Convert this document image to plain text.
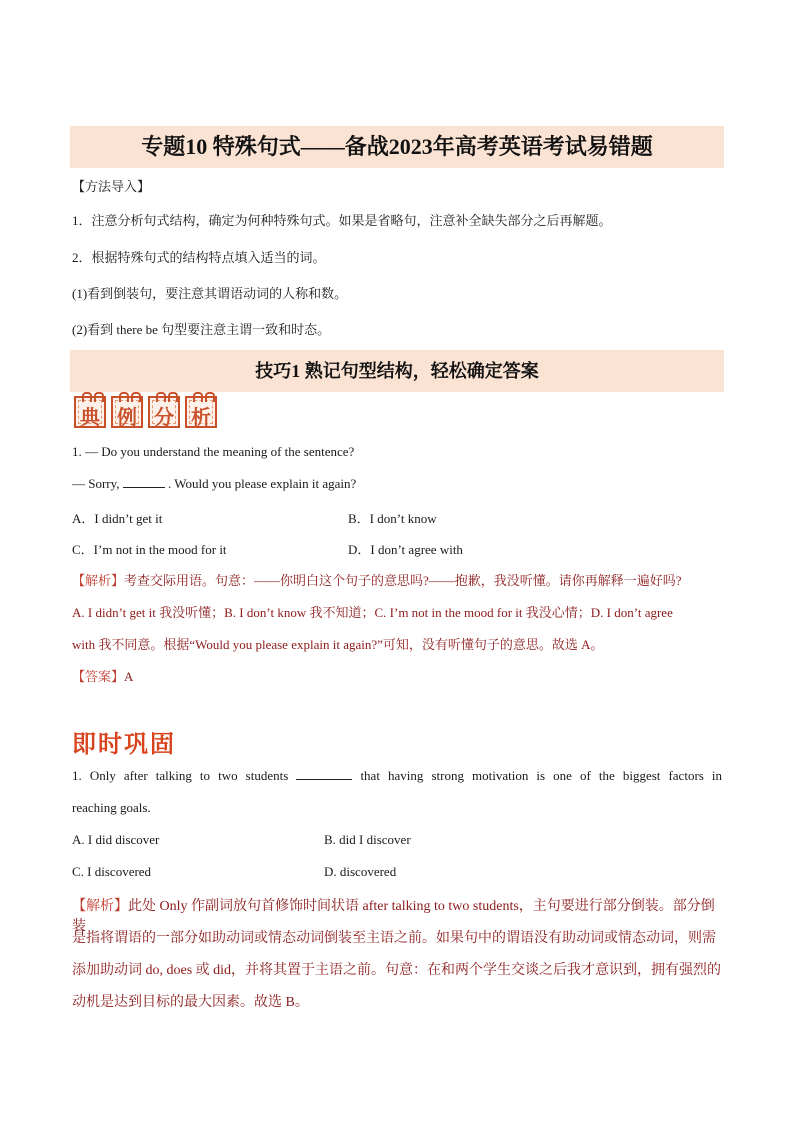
专题10 特殊句式——备战2023年高考英语考试易错题
【方法导入】
1．注意分析句式结构，确定为何种特殊句式。如果是省略句，注意补全缺失部分之后再解题。
2．根据特殊句式的结构特点填入适当的词。
(1)看到倒装句，要注意其谓语动词的人称和数。
(2)看到 there be 句型要注意主谓一致和时态。
技巧1 熟记句型结构，轻松确定答案
典 例 分 析
1. — Do you understand the meaning of the sentence?
— Sorry,	. Would you please explain it again?
A．I didn’t get it	B．I don’t know
C．I’m not in the mood for it	D．I don’t agree with
【解析】考查交际用语。句意：——你明白这个句子的意思吗?——抱歉，我没听懂。请你再解释一遍好吗?
A. I didn’t get it 我没听懂；B. I don’t know 我不知道；C. I’m not in the mood for it 我没心情；D. I don’t agree
with 我不同意。根据“Would you please explain it again?”可知，没有听懂句子的意思。故选 A。
【答案】A
即时巩固
1. Only after talking to two students	that having strong motivation is one of the biggest factors in
reaching goals.
A. I did discover	B. did I discover
C. I discovered	D. discovered
【解析】此处 Only 作副词放句首修饰时间状语 after talking to two students，主句要进行部分倒装。部分倒装
是指将谓语的一部分如助动词或情态动词倒装至主语之前。如果句中的谓语没有助动词或情态动词，则需
添加助动词 do, does 或 did，并将其置于主语之前。句意：在和两个学生交谈之后我才意识到，拥有强烈的
动机是达到目标的最大因素。故选 B。
